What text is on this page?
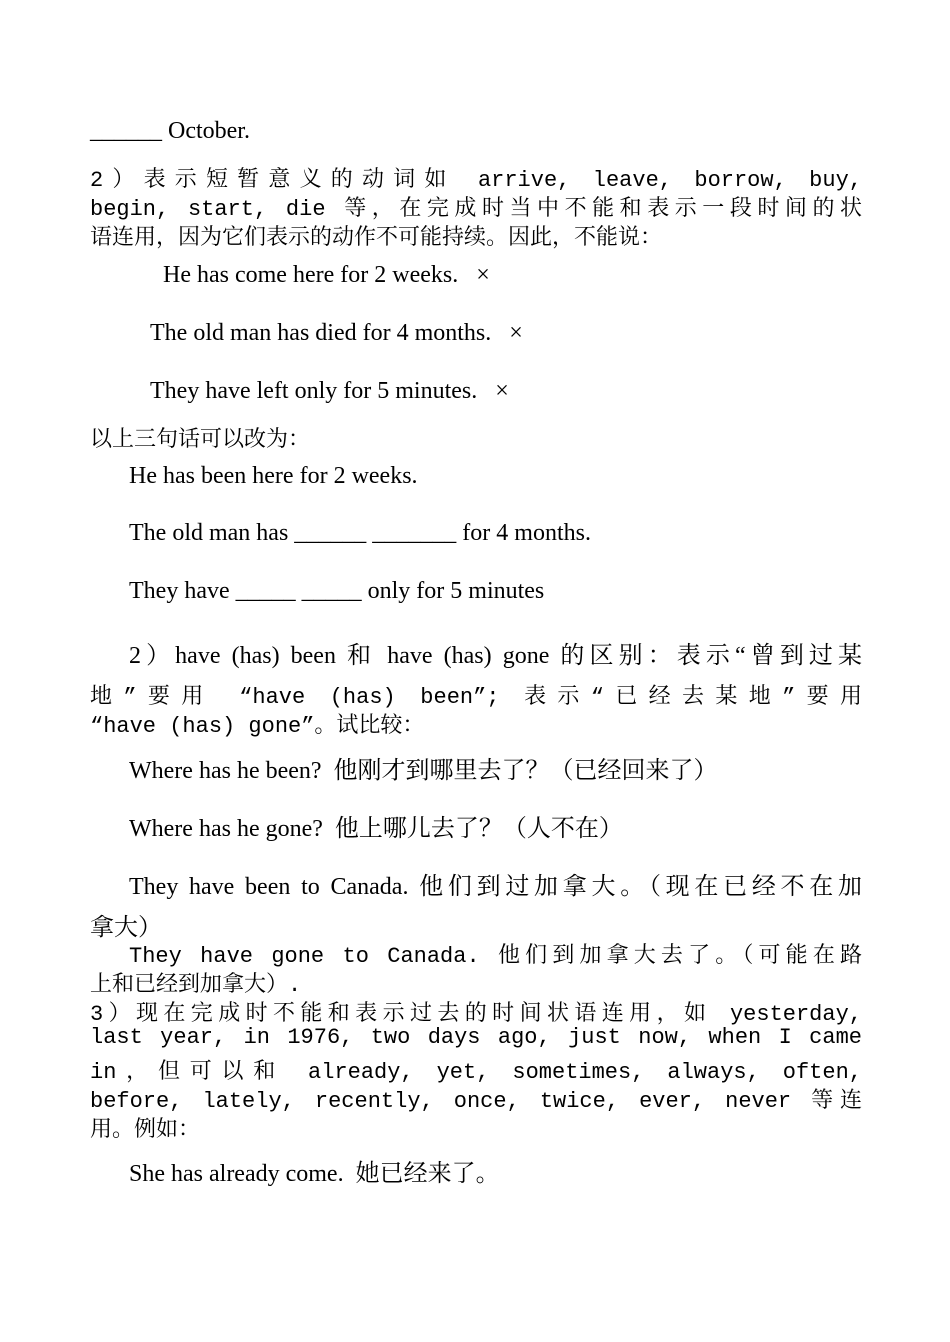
______ October.

2）表示短暂意义的动词如 arrive, leave, borrow, buy,

begin, start, die 等，在完成时当中不能和表示一段时间的状

语连用，因为它们表示的动作不可能持续。因此，不能说：

He has come here for 2 weeks.   ×

The old man has died for 4 months.   ×

They have left only for 5 minutes.   ×

以上三句话可以改为：

He has been here for 2 weeks.

The old man has ______ _______ for 4 months.

They have _____ _____ only for 5 minutes

2）have (has) been 和 have (has) gone 的区别：表示“曾到过某

地”要用 “have (has) been”; 表示“已经去某地”要用

“have (has) gone”。试比较：

Where has he been?  他刚才到哪里去了？（已经回来了）

Where has he gone?  他上哪儿去了？（人不在）

They have been to Canada. 他们到过加拿大。（现在已经不在加

拿大）

They have gone to Canada. 他们到加拿大去了。（可能在路

上和已经到加拿大）.

3）现在完成时不能和表示过去的时间状语连用，如 yesterday,

last year, in 1976, two days ago, just now, when I came

in，但可以和 already, yet, sometimes, always, often,

before, lately, recently, once, twice, ever, never 等连

用。例如：

She has already come.  她已经来了。
